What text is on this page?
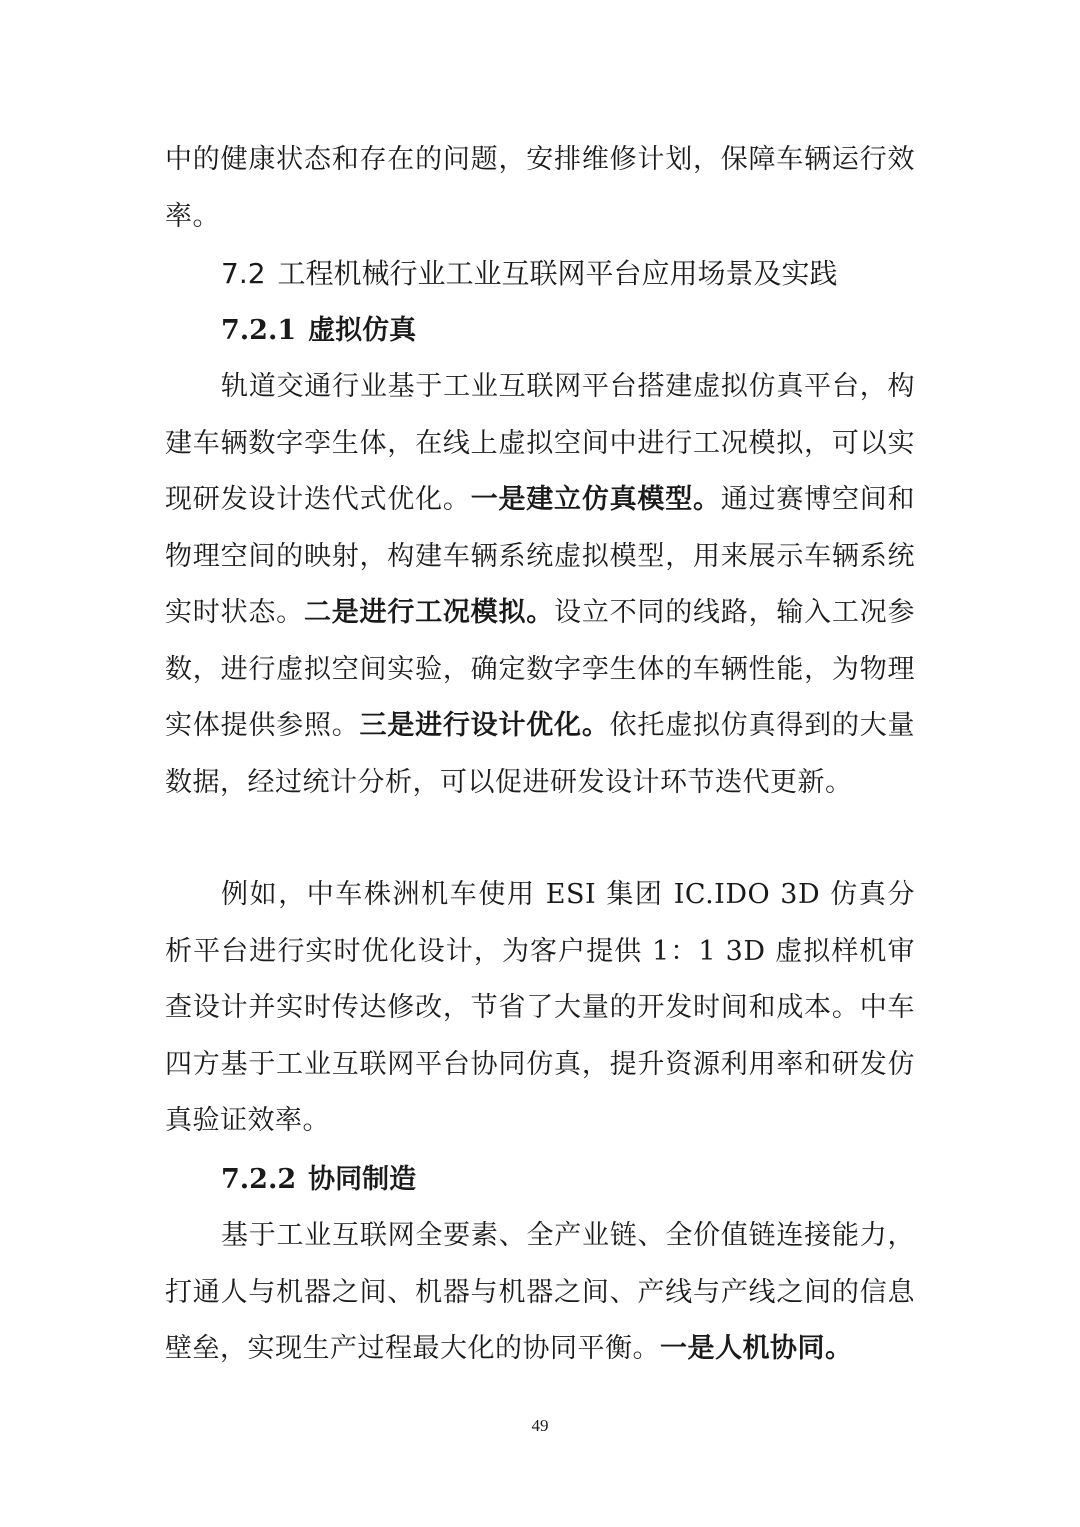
中的健康状态和存在的问题，安排维修计划，保障车辆运行效率。

7.2 工程机械行业工业互联网平台应用场景及实践
7.2.1 虚拟仿真

轨道交通行业基于工业互联网平台搭建虚拟仿真平台，构建车辆数字孪生体，在线上虚拟空间中进行工况模拟，可以实现研发设计迭代式优化。一是建立仿真模型。通过赛博空间和物理空间的映射，构建车辆系统虚拟模型，用来展示车辆系统实时状态。二是进行工况模拟。设立不同的线路，输入工况参数，进行虚拟空间实验，确定数字孪生体的车辆性能，为物理实体提供参照。三是进行设计优化。依托虚拟仿真得到的大量数据，经过统计分析，可以促进研发设计环节迭代更新。

例如，中车株洲机车使用 ESI 集团 IC.IDO 3D 仿真分析平台进行实时优化设计，为客户提供 1：1 3D 虚拟样机审查设计并实时传达修改，节省了大量的开发时间和成本。中车四方基于工业互联网平台协同仿真，提升资源利用率和研发仿真验证效率。

7.2.2 协同制造

基于工业互联网全要素、全产业链、全价值链连接能力，打通人与机器之间、机器与机器之间、产线与产线之间的信息壁垒，实现生产过程最大化的协同平衡。一是人机协同。

49
